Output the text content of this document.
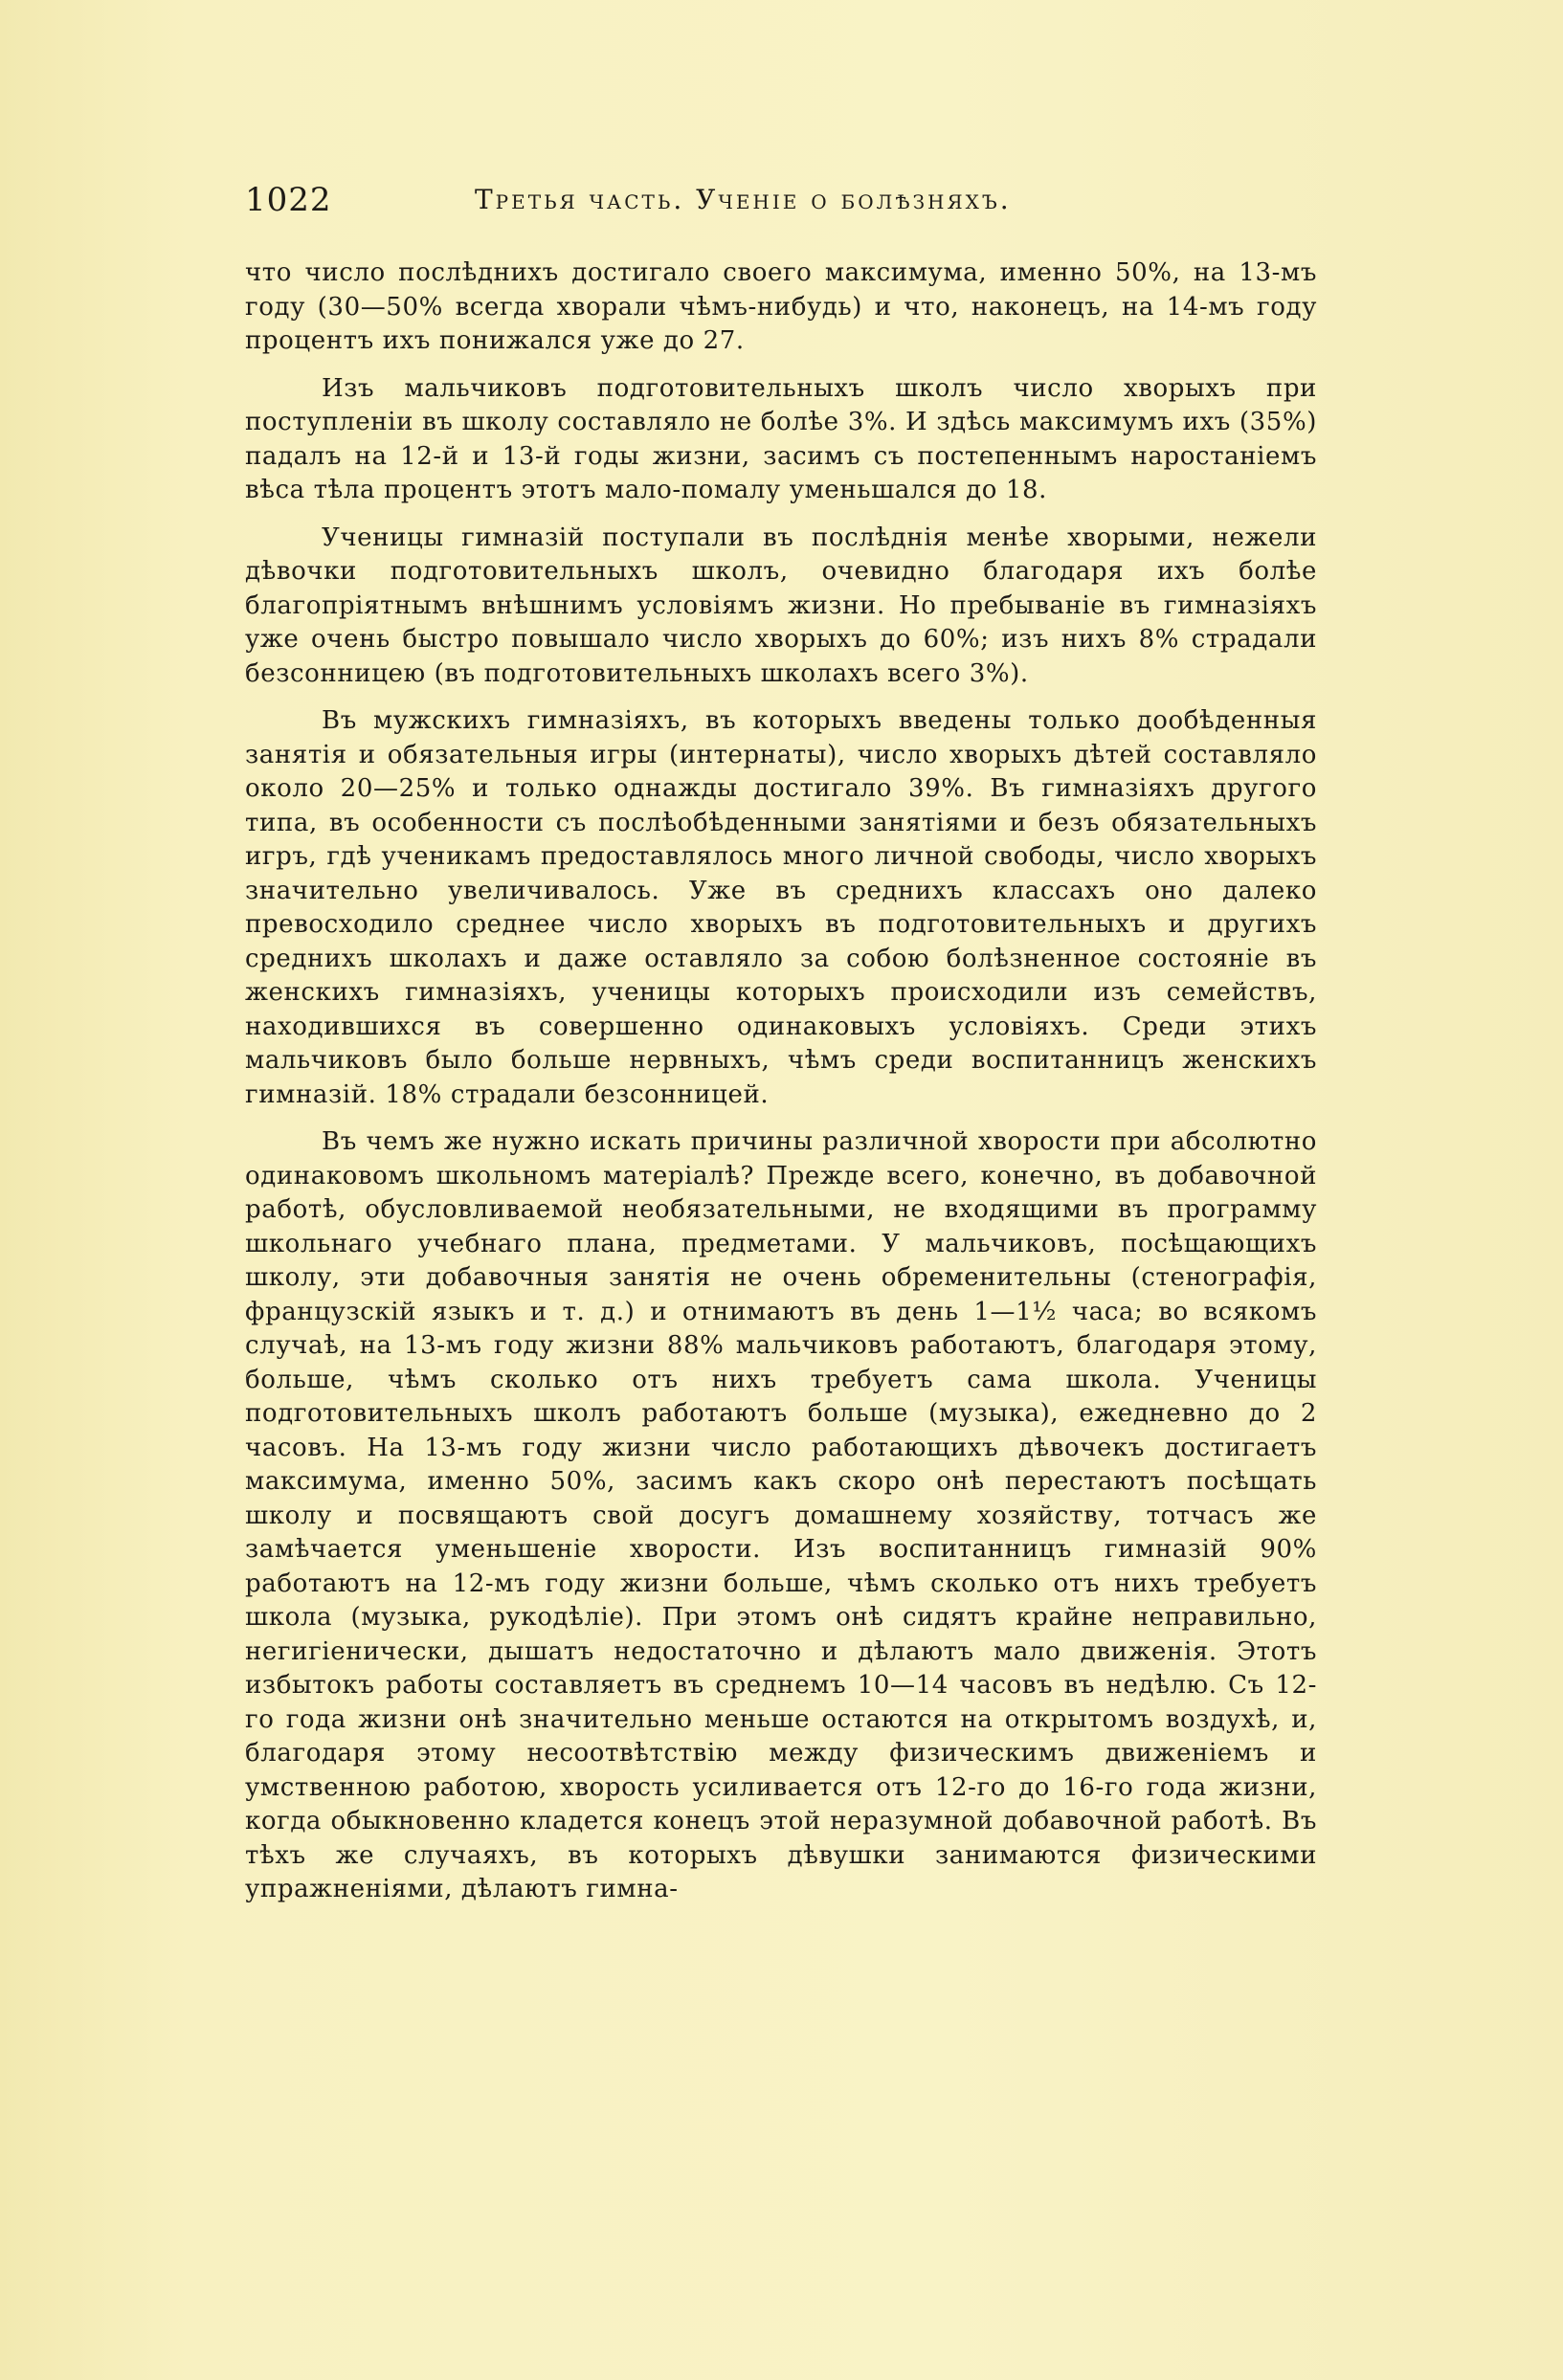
1022	Третья часть. Ученіе о болѣзняхъ.

что число послѣднихъ достигало своего максимума, именно 50%, на 13-мъ году (30—50% всегда хворали чѣмъ-нибудь) и что, наконецъ, на 14-мъ году процентъ ихъ понижался уже до 27.

Изъ мальчиковъ подготовительныхъ школъ число хворыхъ при поступленіи въ школу составляло не болѣе 3%. И здѣсь максимумъ ихъ (35%) падалъ на 12-й и 13-й годы жизни, засимъ съ постепеннымъ наростаніемъ вѣса тѣла процентъ этотъ мало-помалу уменьшался до 18.

Ученицы гимназій поступали въ послѣднія менѣе хворыми, нежели дѣвочки подготовительныхъ школъ, очевидно благодаря ихъ болѣе благопріятнымъ внѣшнимъ условіямъ жизни. Но пребываніе въ гимназіяхъ уже очень быстро повышало число хворыхъ до 60%; изъ нихъ 8% страдали безсонницею (въ подготовительныхъ школахъ всего 3%).

Въ мужскихъ гимназіяхъ, въ которыхъ введены только дообѣденныя занятія и обязательныя игры (интернаты), число хворыхъ дѣтей составляло около 20—25% и только однажды достигало 39%. Въ гимназіяхъ другого типа, въ особенности съ послѣобѣденными занятіями и безъ обязательныхъ игръ, гдѣ ученикамъ предоставлялось много личной свободы, число хворыхъ значительно увеличивалось. Уже въ среднихъ классахъ оно далеко превосходило среднее число хворыхъ въ подготовительныхъ и другихъ среднихъ школахъ и даже оставляло за собою болѣзненное состояніе въ женскихъ гимназіяхъ, ученицы которыхъ происходили изъ семействъ, находившихся въ совершенно одинаковыхъ условіяхъ. Среди этихъ мальчиковъ было больше нервныхъ, чѣмъ среди воспитанницъ женскихъ гимназій. 18% страдали безсонницей.

Въ чемъ же нужно искать причины различной хворости при абсолютно одинаковомъ школьномъ матеріалѣ? Прежде всего, конечно, въ добавочной работѣ, обусловливаемой необязательными, не входящими въ программу школьнаго учебнаго плана, предметами. У мальчиковъ, посѣщающихъ школу, эти добавочныя занятія не очень обременительны (стенографія, французскій языкъ и т. д.) и отнимаютъ въ день 1—1½ часа; во всякомъ случаѣ, на 13-мъ году жизни 88% мальчиковъ работаютъ, благодаря этому, больше, чѣмъ сколько отъ нихъ требуетъ сама школа. Ученицы подготовительныхъ школъ работаютъ больше (музыка), ежедневно до 2 часовъ. На 13-мъ году жизни число работающихъ дѣвочекъ достигаетъ максимума, именно 50%, засимъ какъ скоро онѣ перестаютъ посѣщать школу и посвящаютъ свой досугъ домашнему хозяйству, тотчасъ же замѣчается уменьшеніе хворости. Изъ воспитанницъ гимназій 90% работаютъ на 12-мъ году жизни больше, чѣмъ сколько отъ нихъ требуетъ школа (музыка, рукодѣліе). При этомъ онѣ сидятъ крайне неправильно, негигіенически, дышатъ недостаточно и дѣлаютъ мало движенія. Этотъ избытокъ работы составляетъ въ среднемъ 10—14 часовъ въ недѣлю. Съ 12-го года жизни онѣ значительно меньше остаются на открытомъ воздухѣ, и, благодаря этому несоотвѣтствію между физическимъ движеніемъ и умственною работою, хворость усиливается отъ 12-го до 16-го года жизни, когда обыкновенно кладется конецъ этой неразумной добавочной работѣ. Въ тѣхъ же случаяхъ, въ которыхъ дѣвушки занимаются физическими упражненіями, дѣлаютъ гимна-
